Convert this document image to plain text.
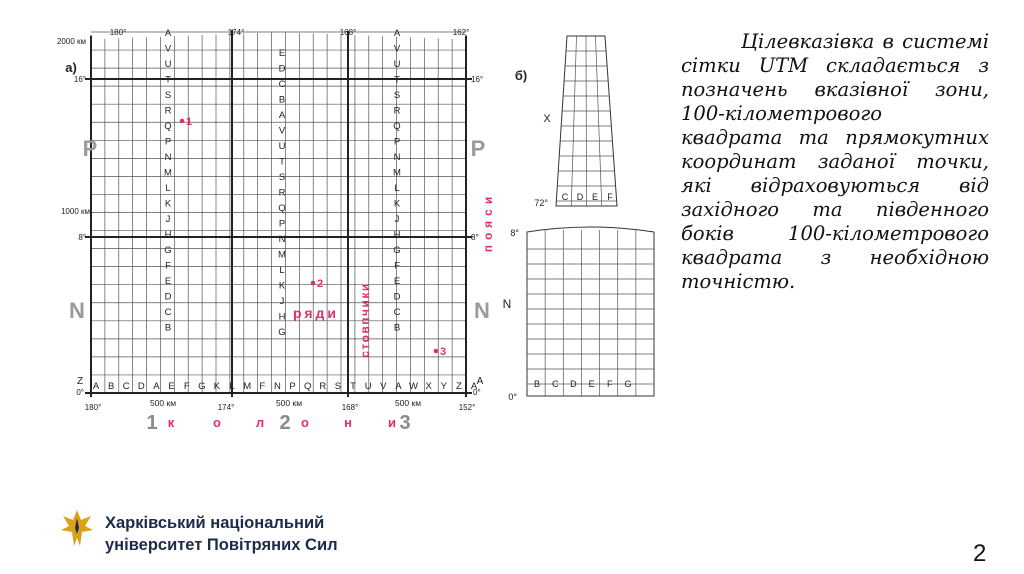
б)
C D E F
X
72°
B C D E F G
N
8°
0°
A
V
U
T
S
R
Q
P
N
M
L
K
J
H
G
F
E
D
C
B
E
D
C
B
A
V
U
T
S
R
Q
P
N
M
L
K
J
H
G
A
V
U
T
S
R
Q
P
N
M
L
K
J
H
G
F
E
D
C
B
A B C D A E F G K L M F N P Q R S T U V A W X Y Z A
180°	174°	168°	162°
180°	174°	168°	152°
500 км	500 км	500 км
2000 км
1000 км
16°
8°
0°
16°
8°
0°
Z	A
а)
P	P
N	N
1
2
3
1	2	3
к	о	л	о	н	и
ряди стовпчики
пояси
Цілевказівка в системі сітки UTM складається з позначень вказівної зони, 100-кілометрового квадрата та прямокутних координат заданої точки, які відраховуються від західного та південного боків 100-кілометрового квадрата з необхідною точністю.
Харківський національний
університет Повітряних Сил	2
